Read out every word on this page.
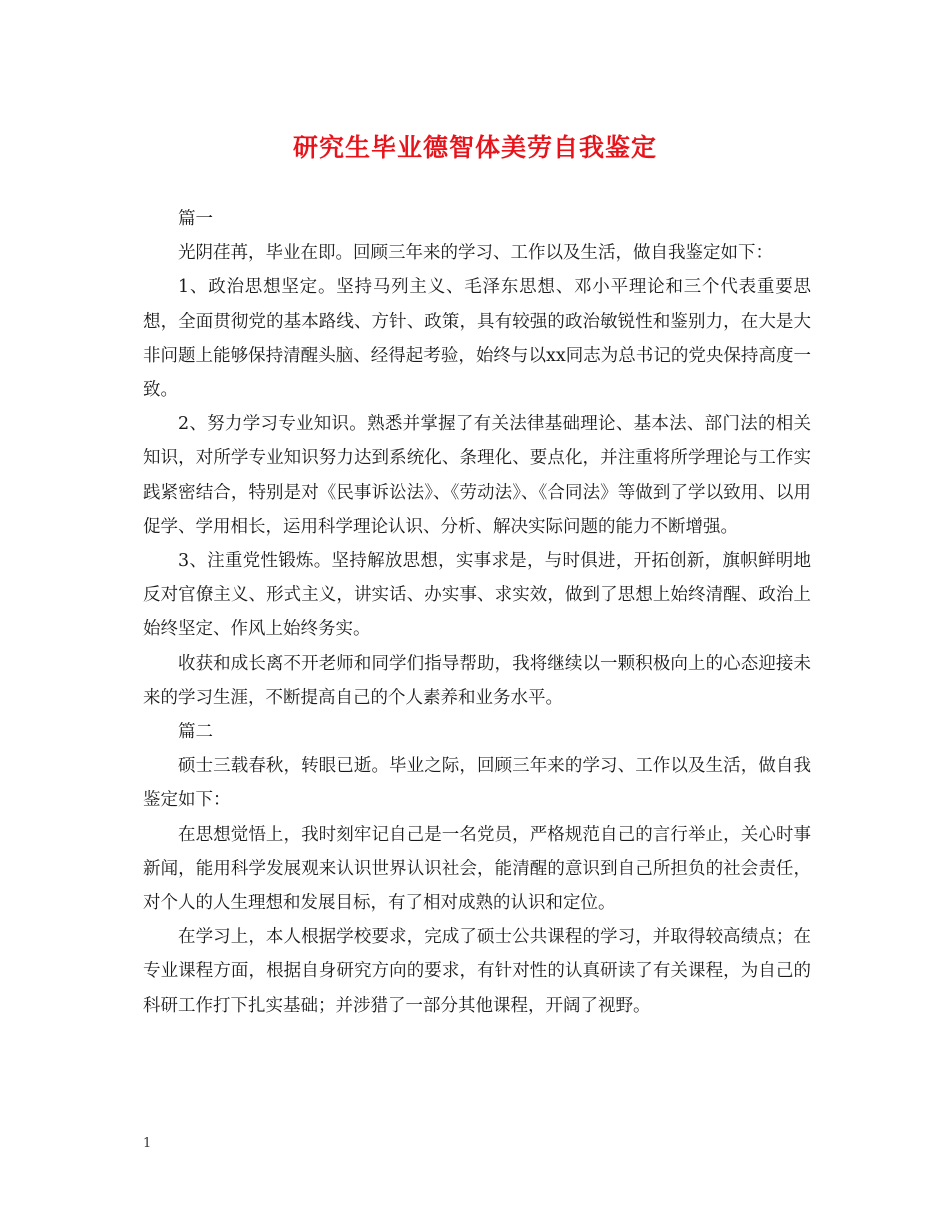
研究生毕业德智体美劳自我鉴定

篇一

光阴荏苒，毕业在即。回顾三年来的学习、工作以及生活，做自我鉴定如下：

1、政治思想坚定。坚持马列主义、毛泽东思想、邓小平理论和三个代表重要思想，全面贯彻党的基本路线、方针、政策，具有较强的政治敏锐性和鉴别力，在大是大非问题上能够保持清醒头脑、经得起考验，始终与以xx同志为总书记的党央保持高度一致。

2、努力学习专业知识。熟悉并掌握了有关法律基础理论、基本法、部门法的相关知识，对所学专业知识努力达到系统化、条理化、要点化，并注重将所学理论与工作实践紧密结合，特别是对《民事诉讼法》、《劳动法》、《合同法》等做到了学以致用、以用促学、学用相长，运用科学理论认识、分析、解决实际问题的能力不断增强。

3、注重党性锻炼。坚持解放思想，实事求是，与时俱进，开拓创新，旗帜鲜明地反对官僚主义、形式主义，讲实话、办实事、求实效，做到了思想上始终清醒、政治上始终坚定、作风上始终务实。

收获和成长离不开老师和同学们指导帮助，我将继续以一颗积极向上的心态迎接未来的学习生涯，不断提高自己的个人素养和业务水平。

篇二

硕士三载春秋，转眼已逝。毕业之际，回顾三年来的学习、工作以及生活，做自我鉴定如下：

在思想觉悟上，我时刻牢记自己是一名党员，严格规范自己的言行举止，关心时事新闻，能用科学发展观来认识世界认识社会，能清醒的意识到自己所担负的社会责任，对个人的人生理想和发展目标，有了相对成熟的认识和定位。

在学习上，本人根据学校要求，完成了硕士公共课程的学习，并取得较高绩点；在专业课程方面，根据自身研究方向的要求，有针对性的认真研读了有关课程，为自己的科研工作打下扎实基础；并涉猎了一部分其他课程，开阔了视野。

1
